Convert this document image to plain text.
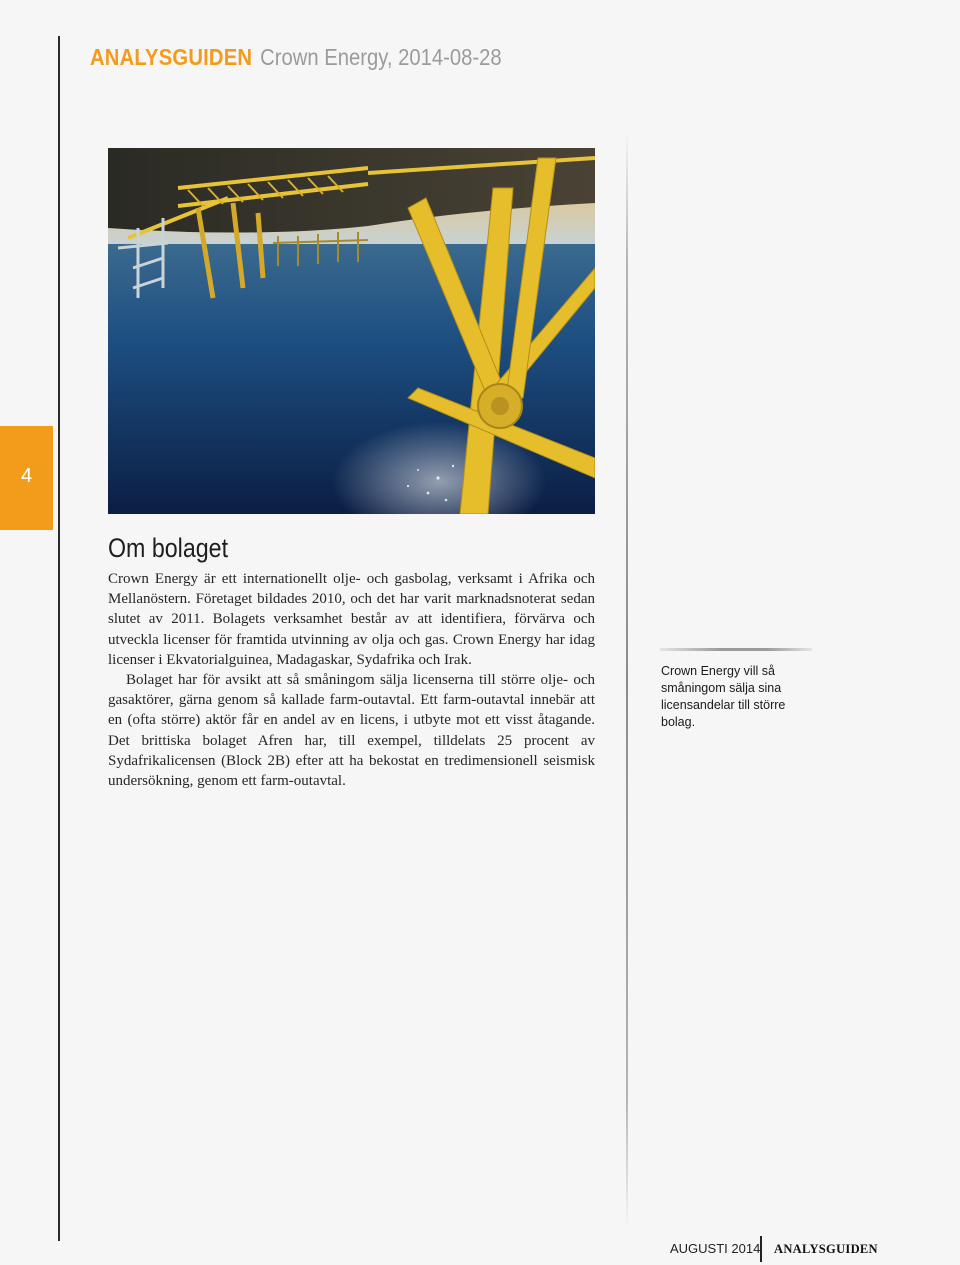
ANALYSGUIDEN Crown Energy, 2014-08-28
4
Om bolaget

Crown Energy är ett internationellt olje- och gasbolag, verksamt i Afrika och Mellanöstern. Företaget bildades 2010, och det har varit marknadsnoterat sedan slutet av 2011. Bolagets verksamhet består av att identifiera, förvärva och utveckla licenser för framtida utvinning av olja och gas. Crown Energy har idag licenser i Ekvatorialguinea, Madagaskar, Sydafrika och Irak.

Bolaget har för avsikt att så småningom sälja licenserna till större olje- och gasaktörer, gärna genom så kallade farm-outavtal. Ett farm-outavtal innebär att en (ofta större) aktör får en andel av en licens, i utbyte mot ett visst åtagande. Det brittiska bolaget Afren har, till exempel, tilldelats 25 procent av Sydafrikalicensen (Block 2B) efter att ha bekostat en tredimensionell seismisk undersökning, genom ett farm-outavtal.

Crown Energy vill så småningom sälja sina licensandelar till större bolag.
AUGUSTI 2014 ANALYSGUIDEN
